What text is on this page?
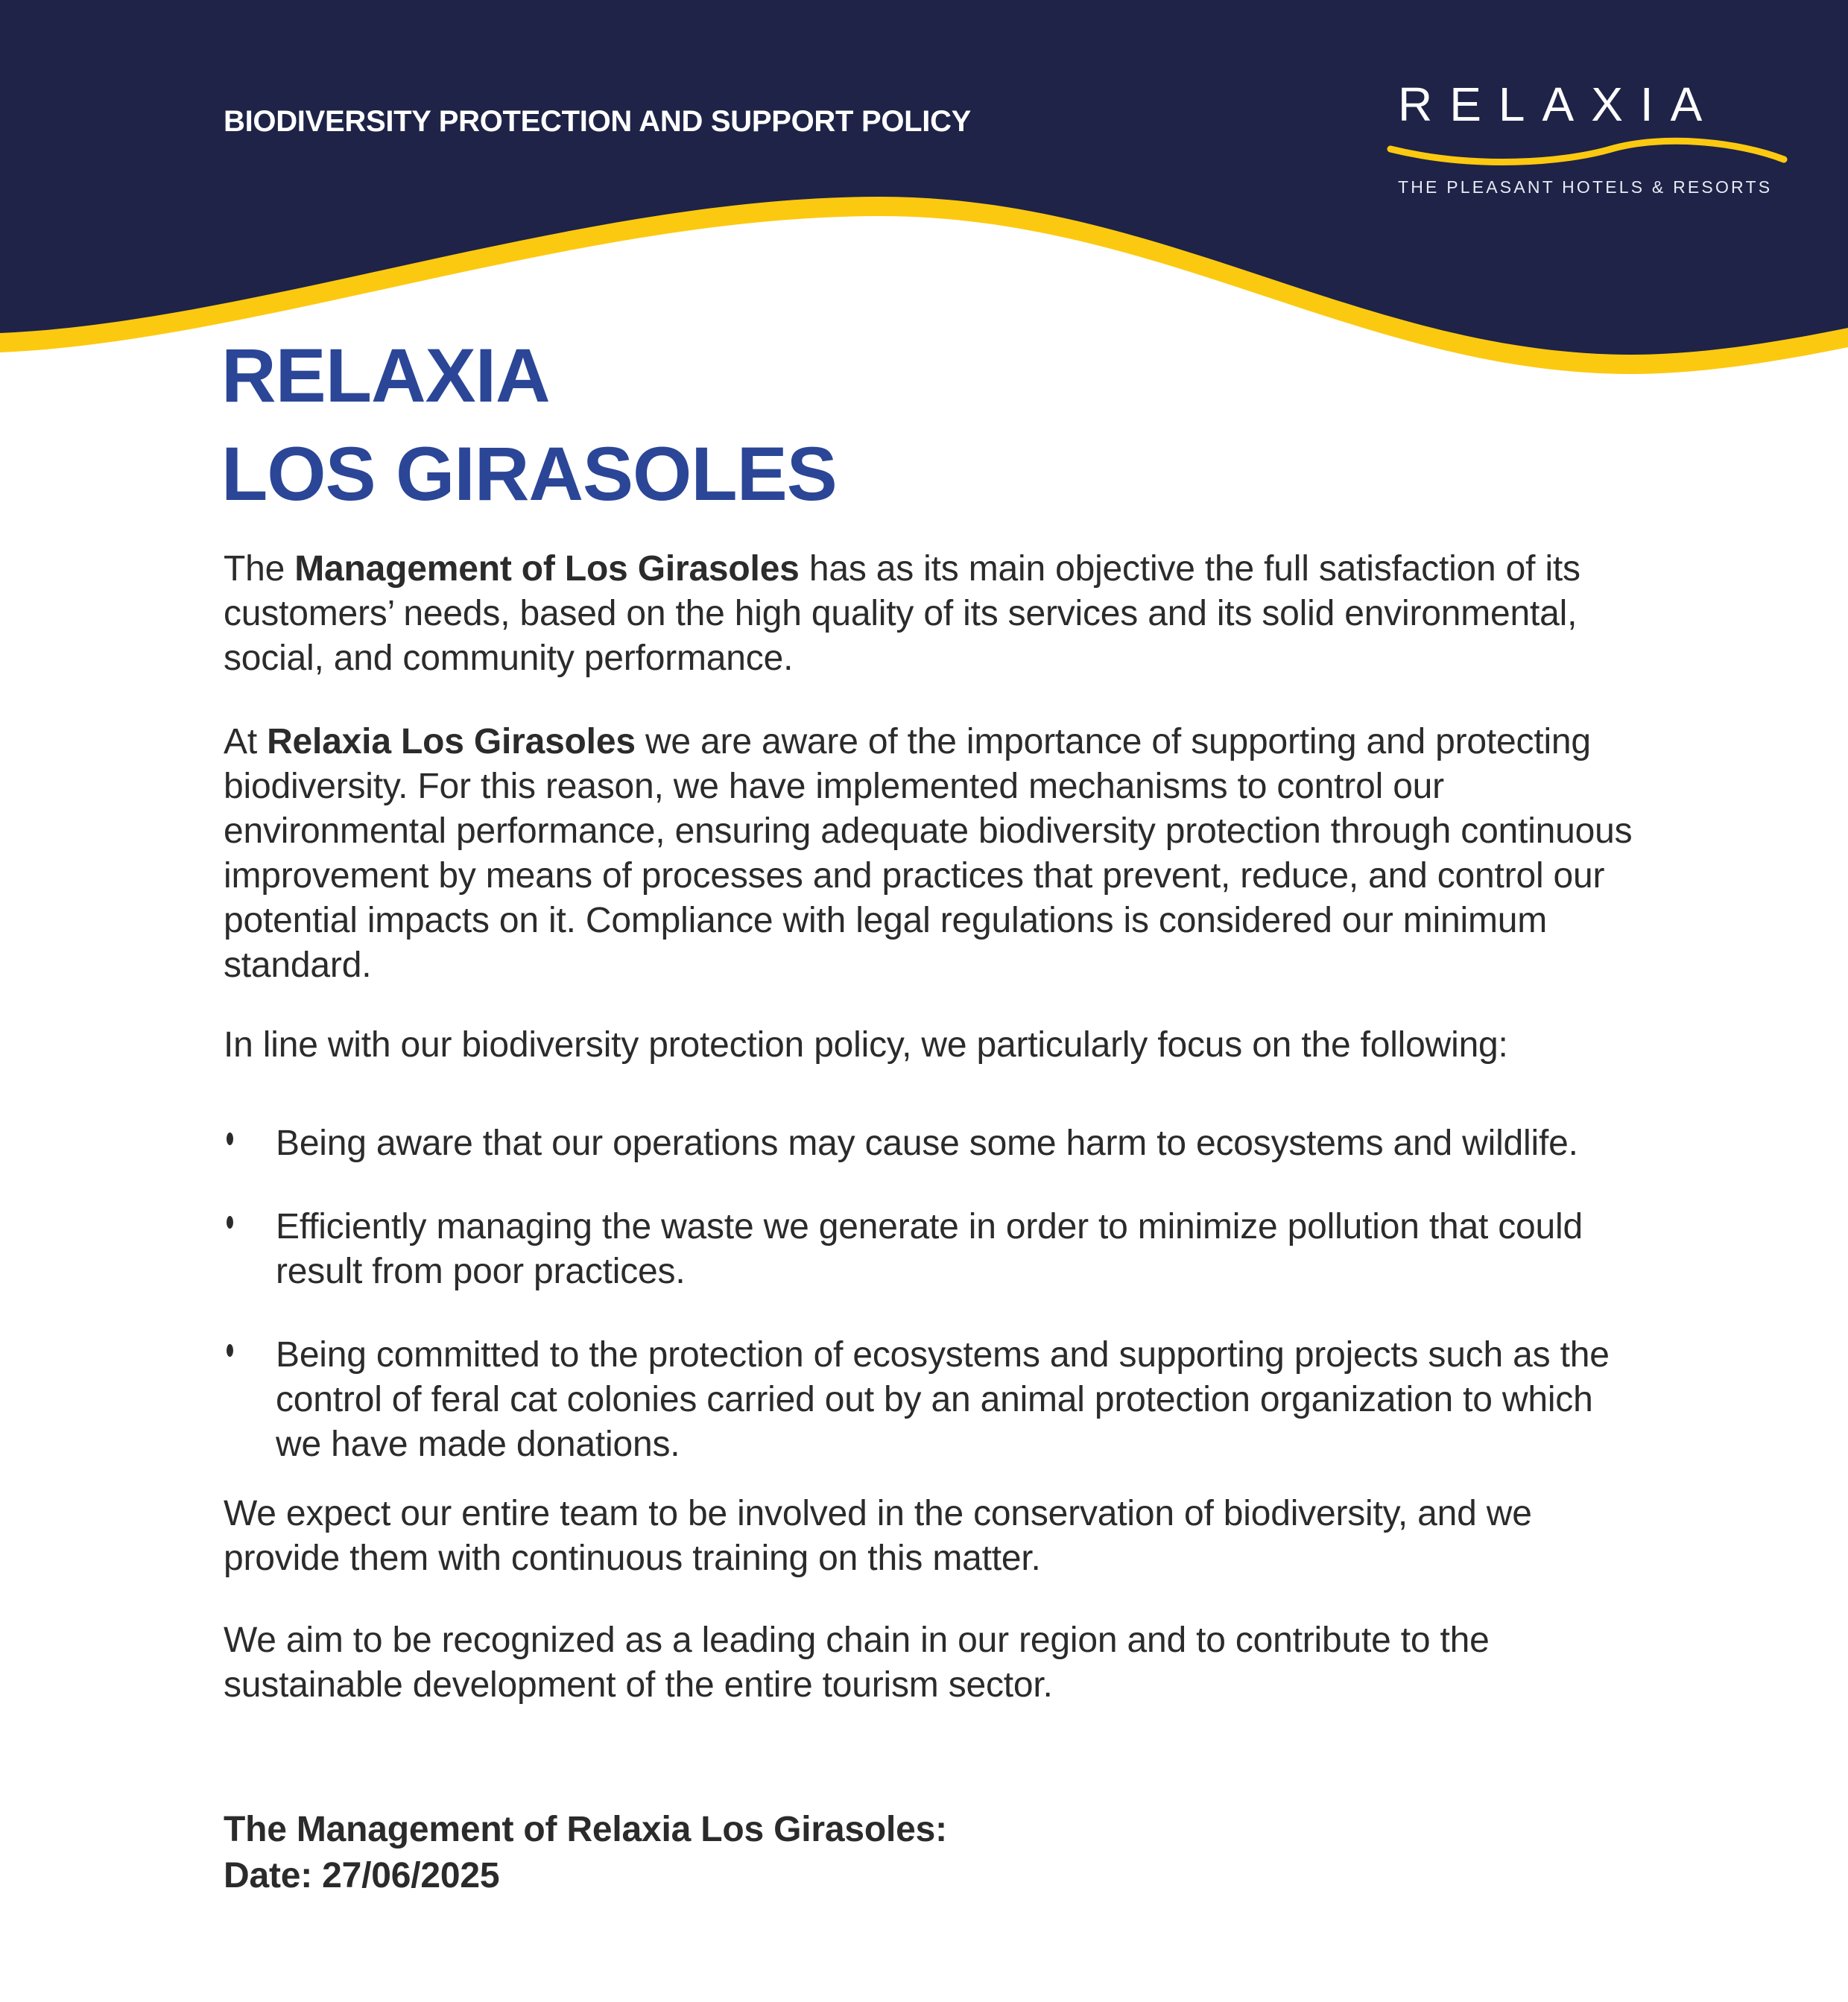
BIODIVERSITY PROTECTION AND SUPPORT POLICY	RELAXIA
THE PLEASANT HOTELS & RESORTS
RELAXIA
LOS GIRASOLES

The Management of Los Girasoles has as its main objective the full satisfaction of its customers’ needs, based on the high quality of its services and its solid environmental, social, and community performance.

At Relaxia Los Girasoles we are aware of the importance of supporting and protecting biodiversity. For this reason, we have implemented mechanisms to control our environmental performance, ensuring adequate biodiversity protection through continuous improvement by means of processes and practices that prevent, reduce, and control our potential impacts on it. Compliance with legal regulations is considered our minimum standard.

In line with our biodiversity protection policy, we particularly focus on the following:

Being aware that our operations may cause some harm to ecosystems and wildlife.
Efficiently managing the waste we generate in order to minimize pollution that could result from poor practices.
Being committed to the protection of ecosystems and supporting projects such as the control of feral cat colonies carried out by an animal protection organization to which we have made donations.

We expect our entire team to be involved in the conservation of biodiversity, and we provide them with continuous training on this matter.

We aim to be recognized as a leading chain in our region and to contribute to the sustainable development of the entire tourism sector.

The Management of Relaxia Los Girasoles:
Date: 27/06/2025
